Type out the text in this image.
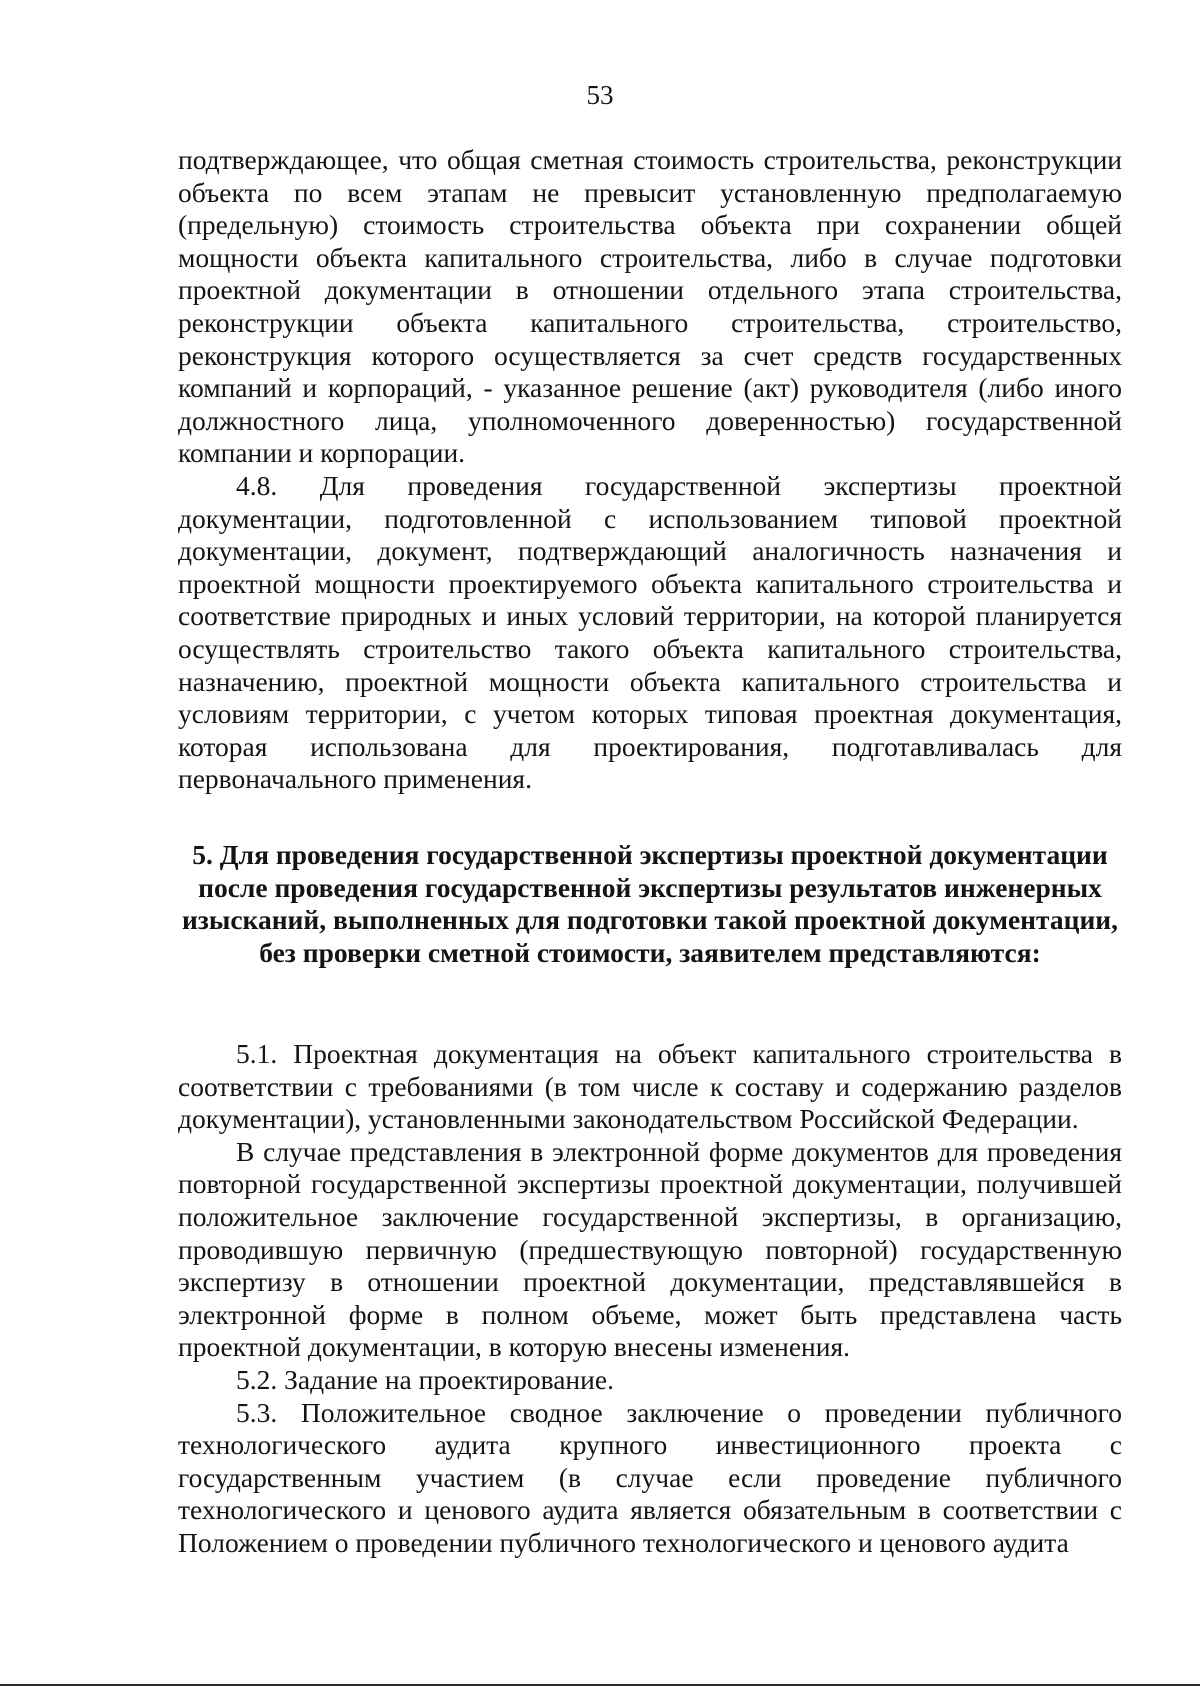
53

подтверждающее, что общая сметная стоимость строительства, реконструкции объекта по всем этапам не превысит установленную предполагаемую (предельную) стоимость строительства объекта при сохранении общей мощности объекта капитального строительства, либо в случае подготовки проектной документации в отношении отдельного этапа строительства, реконструкции объекта капитального строительства, строительство, реконструкция которого осуществляется за счет средств государственных компаний и корпораций, - указанное решение (акт) руководителя (либо иного должностного лица, уполномоченного доверенностью) государственной компании и корпорации.

4.8. Для проведения государственной экспертизы проектной документации, подготовленной с использованием типовой проектной документации, документ, подтверждающий аналогичность назначения и проектной мощности проектируемого объекта капитального строительства и соответствие природных и иных условий территории, на которой планируется осуществлять строительство такого объекта капитального строительства, назначению, проектной мощности объекта капитального строительства и условиям территории, с учетом которых типовая проектная документация, которая использована для проектирования, подготавливалась для первоначального применения.

5. Для проведения государственной экспертизы проектной документации после проведения государственной экспертизы результатов инженерных изысканий, выполненных для подготовки такой проектной документации, без проверки сметной стоимости, заявителем представляются:

5.1. Проектная документация на объект капитального строительства в соответствии с требованиями (в том числе к составу и содержанию разделов документации), установленными законодательством Российской Федерации.

В случае представления в электронной форме документов для проведения повторной государственной экспертизы проектной документации, получившей положительное заключение государственной экспертизы, в организацию, проводившую первичную (предшествующую повторной) государственную экспертизу в отношении проектной документации, представлявшейся в электронной форме в полном объеме, может быть представлена часть проектной документации, в которую внесены изменения.

5.2. Задание на проектирование.

5.3. Положительное сводное заключение о проведении публичного технологического аудита крупного инвестиционного проекта с государственным участием (в случае если проведение публичного технологического и ценового аудита является обязательным в соответствии с Положением о проведении публичного технологического и ценового аудита
